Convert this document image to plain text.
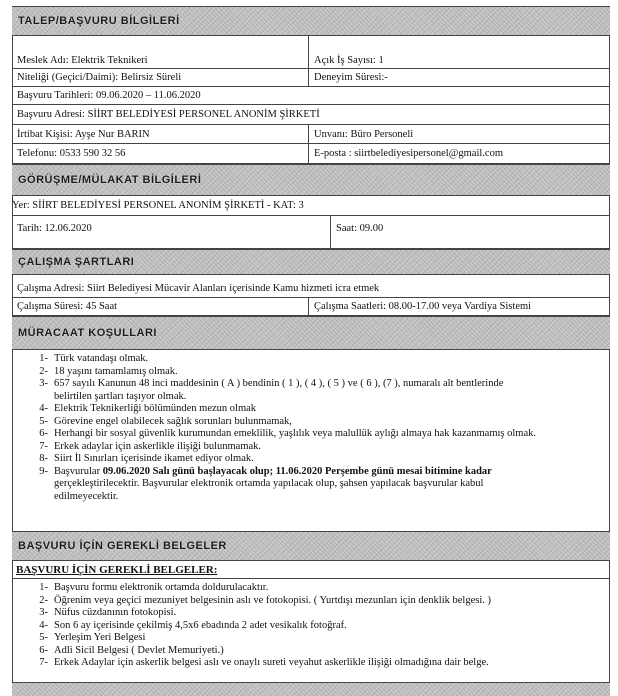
TALEP/BAŞVURU BİLGİLERİ
Meslek Adı: Elektrik Teknikeri	Açık İş Sayısı: 1
Niteliği (Geçici/Daimi): Belirsiz Süreli	Deneyim Süresi:-
Başvuru Tarihleri: 09.06.2020 – 11.06.2020
Başvuru Adresi: SİİRT BELEDİYESİ PERSONEL ANONİM ŞİRKETİ
İrtibat Kişisi: Ayşe Nur BARIN	Unvanı: Büro Personeli
Telefonu: 0533 590 32 56	E-posta : siirtbelediyesipersonel@gmail.com
GÖRÜŞME/MÜLAKAT BİLGİLERİ
Yer: SİİRT BELEDİYESİ PERSONEL ANONİM ŞİRKETİ - KAT: 3
Tarih: 12.06.2020	Saat: 09.00
ÇALIŞMA ŞARTLARI
Çalışma Adresi: Siirt Belediyesi Mücavir Alanları içerisinde Kamu hizmeti icra etmek
Çalışma Süresi: 45 Saat	Çalışma Saatleri: 08.00-17.00 veya Vardiya Sistemi
MÜRACAAT KOŞULLARI
1- Türk vatandaşı olmak.
2- 18 yaşını tamamlamış olmak.
3- 657 sayılı Kanunun 48 inci maddesinin ( A ) bendinin ( 1 ), ( 4 ), ( 5 ) ve ( 6 ), (7 ), numaralı alt bentlerinde
belirtilen şartları taşıyor olmak.
4- Elektrik Teknikerliği bölümünden mezun olmak
5- Görevine engel olabilecek sağlık sorunları bulunmamak,
6- Herhangi bir sosyal güvenlik kurumundan emeklilik, yaşlılık veya malullük aylığı almaya hak kazanmamış olmak.
7- Erkek adaylar için askerlikle ilişiği bulunmamak.
8- Siirt İl Sınırları içerisinde ikamet ediyor olmak.
9- Başvurular 09.06.2020 Salı günü başlayacak olup; 11.06.2020 Perşembe günü mesai bitimine kadar
gerçekleştirilecektir. Başvurular elektronik ortamda yapılacak olup, şahsen yapılacak başvurular kabul
edilmeyecektir.
BAŞVURU İÇİN GEREKLİ BELGELER
BAŞVURU İÇİN GEREKLİ BELGELER:
1- Başvuru formu elektronik ortamda doldurulacaktır.
2- Öğrenim veya geçici mezuniyet belgesinin aslı ve fotokopisi. ( Yurtdışı mezunları için denklik belgesi. )
3- Nüfus cüzdanının fotokopisi.
4- Son 6 ay içerisinde çekilmiş 4,5x6 ebadında 2 adet vesikalık fotoğraf.
5- Yerleşim Yeri Belgesi
6- Adli Sicil Belgesi ( Devlet Memuriyeti.)
7- Erkek Adaylar için askerlik belgesi aslı ve onaylı sureti veyahut askerlikle ilişiği olmadığına dair belge.
